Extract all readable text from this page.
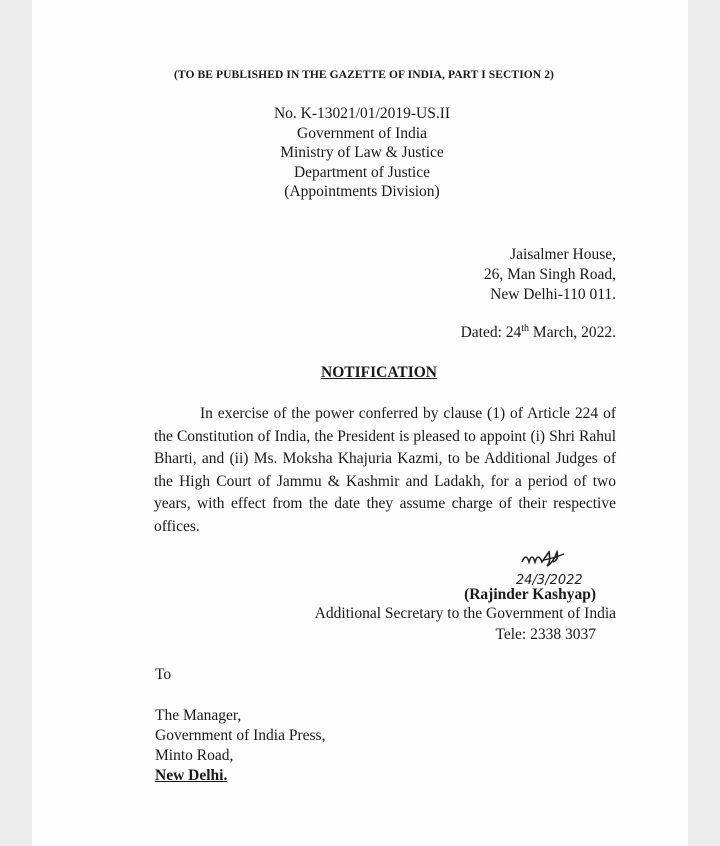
(TO BE PUBLISHED IN THE GAZETTE OF INDIA, PART I SECTION 2)
No. K-13021/01/2019-US.II
Government of India
Ministry of Law & Justice
Department of Justice
(Appointments Division)
Jaisalmer House,
26, Man Singh Road,
New Delhi-110 011.
Dated: 24th March, 2022.
NOTIFICATION
In exercise of the power conferred by clause (1) of Article 224 of the Constitution of India, the President is pleased to appoint (i) Shri Rahul Bharti, and (ii) Ms. Moksha Khajuria Kazmi, to be Additional Judges of the High Court of Jammu & Kashmir and Ladakh, for a period of two years, with effect from the date they assume charge of their respective offices.
24/3/2022
(Rajinder Kashyap)
Additional Secretary to the Government of India
Tele: 2338 3037
To
The Manager,
Government of India Press,
Minto Road,
New Delhi.
